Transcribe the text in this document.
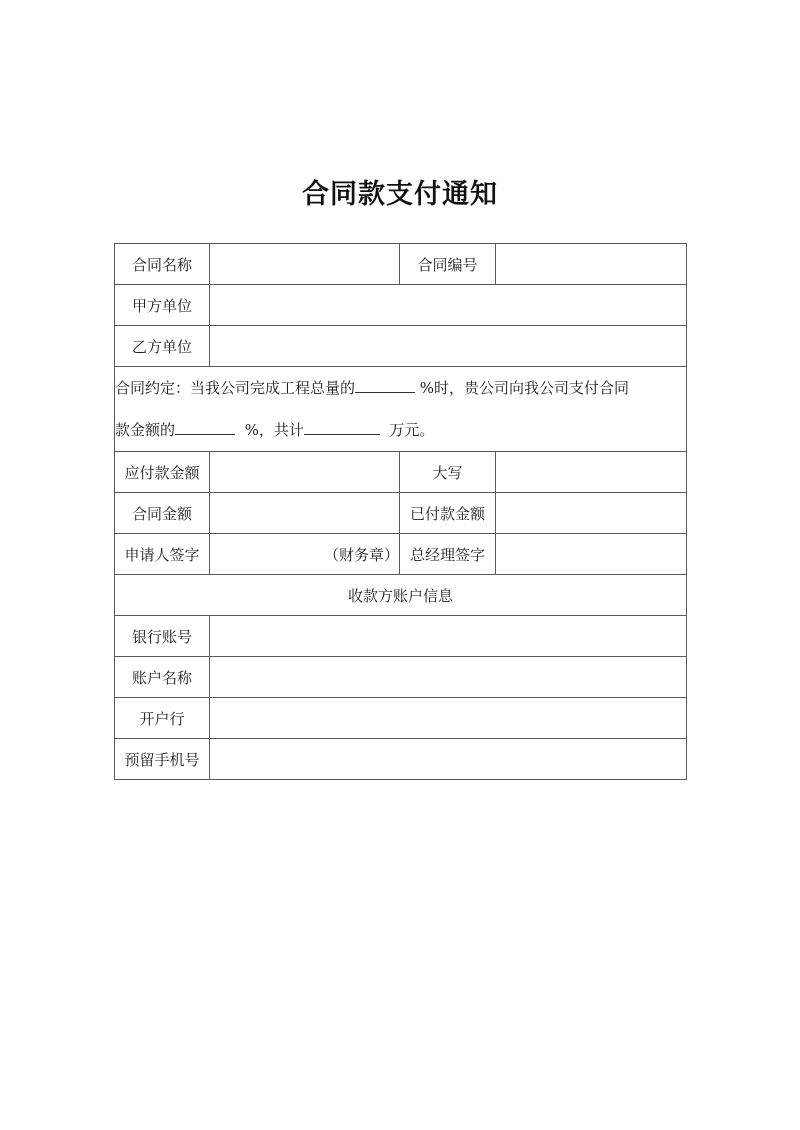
合同款支付通知
合同名称		合同编号	
甲方单位			
乙方单位			
合同约定：当我公司完成工程总量的 %时，贵公司向我公司支付合同
款金额的 %，共计 万元。			
应付款金额		大写	
合同金额		已付款金额	
申请人签字	（财务章）	总经理签字	
收款方账户信息			
银行账号			
账户名称			
开户行			
预留手机号			
